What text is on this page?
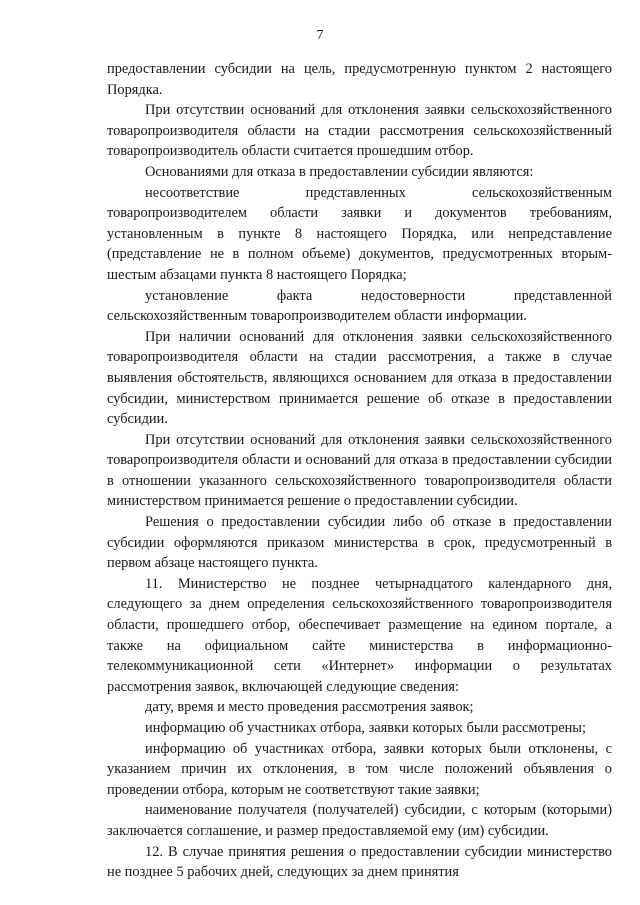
7

предоставлении субсидии на цель, предусмотренную пунктом 2 настоящего Порядка.

При отсутствии оснований для отклонения заявки сельскохозяйственного товаропроизводителя области на стадии рассмотрения сельскохозяйственный товаропроизводитель области считается прошедшим отбор.

Основаниями для отказа в предоставлении субсидии являются:

несоответствие представленных сельскохозяйственным товаропроизводителем области заявки и документов требованиям, установленным в пункте 8 настоящего Порядка, или непредставление (представление не в полном объеме) документов, предусмотренных вторым-шестым абзацами пункта 8 настоящего Порядка;

установление факта недостоверности представленной сельскохозяйственным товаропроизводителем области информации.

При наличии оснований для отклонения заявки сельскохозяйственного товаропроизводителя области на стадии рассмотрения, а также в случае выявления обстоятельств, являющихся основанием для отказа в предоставлении субсидии, министерством принимается решение об отказе в предоставлении субсидии.

При отсутствии оснований для отклонения заявки сельскохозяйственного товаропроизводителя области и оснований для отказа в предоставлении субсидии в отношении указанного сельскохозяйственного товаропроизводителя области министерством принимается решение о предоставлении субсидии.

Решения о предоставлении субсидии либо об отказе в предоставлении субсидии оформляются приказом министерства в срок, предусмотренный в первом абзаце настоящего пункта.

11. Министерство не позднее четырнадцатого календарного дня, следующего за днем определения сельскохозяйственного товаропроизводителя области, прошедшего отбор, обеспечивает размещение на едином портале, а также на официальном сайте министерства в информационно-телекоммуникационной сети «Интернет» информации о результатах рассмотрения заявок, включающей следующие сведения:

дату, время и место проведения рассмотрения заявок;

информацию об участниках отбора, заявки которых были рассмотрены;

информацию об участниках отбора, заявки которых были отклонены, с указанием причин их отклонения, в том числе положений объявления о проведении отбора, которым не соответствуют такие заявки;

наименование получателя (получателей) субсидии, с которым (которыми) заключается соглашение, и размер предоставляемой ему (им) субсидии.

12. В случае принятия решения о предоставлении субсидии министерство не позднее 5 рабочих дней, следующих за днем принятия
